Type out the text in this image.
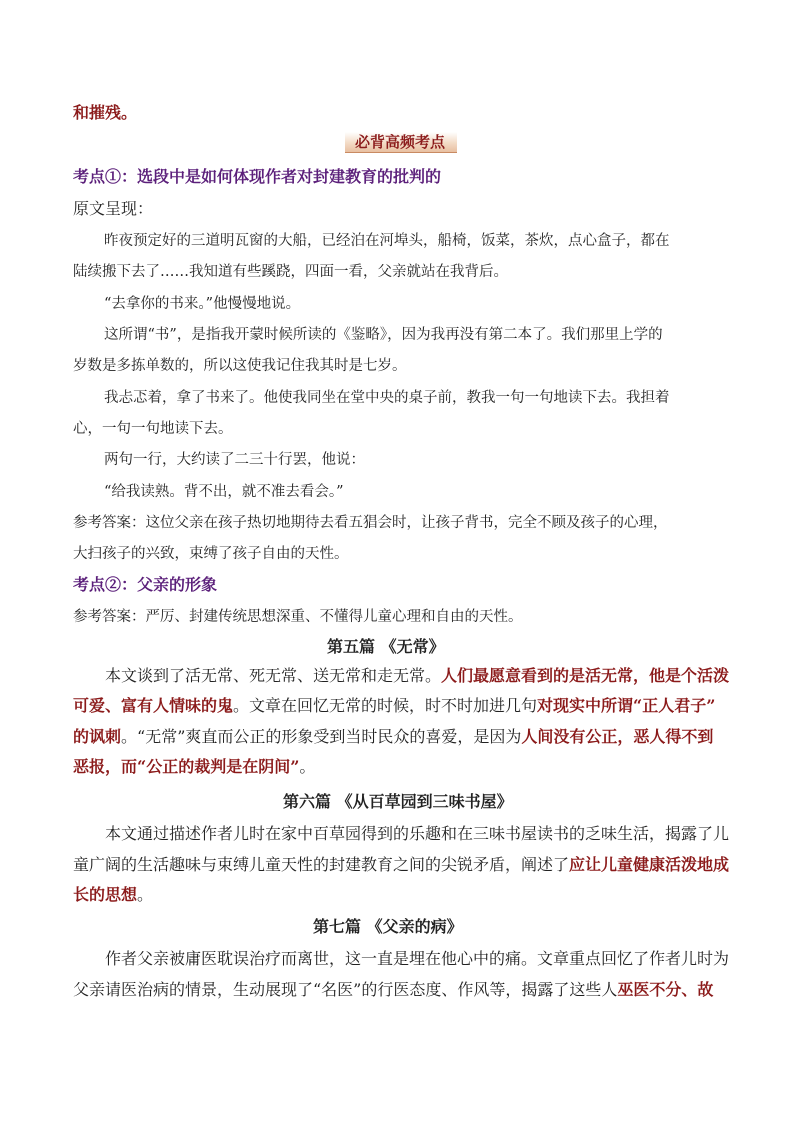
和摧残。
必背高频考点
考点①：选段中是如何体现作者对封建教育的批判的
原文呈现：
昨夜预定好的三道明瓦窗的大船，已经泊在河埠头，船椅，饭菜，茶炊，点心盒子，都在
陆续搬下去了……我知道有些蹊跷，四面一看，父亲就站在我背后。
“去拿你的书来。”他慢慢地说。
这所谓“书”，是指我开蒙时候所读的《鉴略》，因为我再没有第二本了。我们那里上学的
岁数是多拣单数的，所以这使我记住我其时是七岁。
我忐忑着，拿了书来了。他使我同坐在堂中央的桌子前，教我一句一句地读下去。我担着
心，一句一句地读下去。
两句一行，大约读了二三十行罢，他说：
“给我读熟。背不出，就不准去看会。”
参考答案：这位父亲在孩子热切地期待去看五猖会时，让孩子背书，完全不顾及孩子的心理，
大扫孩子的兴致，束缚了孩子自由的天性。
考点②：父亲的形象
参考答案：严厉、封建传统思想深重、不懂得儿童心理和自由的天性。
第五篇 《无常》
本文谈到了活无常、死无常、送无常和走无常。人们最愿意看到的是活无常，他是个活泼
可爱、富有人情味的鬼。文章在回忆无常的时候，时不时加进几句对现实中所谓“正人君子”
的讽刺。“无常”爽直而公正的形象受到当时民众的喜爱，是因为人间没有公正，恶人得不到
恶报，而“公正的裁判是在阴间”。
第六篇 《从百草园到三味书屋》
本文通过描述作者儿时在家中百草园得到的乐趣和在三味书屋读书的乏味生活，揭露了儿
童广阔的生活趣味与束缚儿童天性的封建教育之间的尖锐矛盾，阐述了应让儿童健康活泼地成
长的思想。
第七篇 《父亲的病》
作者父亲被庸医耽误治疗而离世，这一直是埋在他心中的痛。文章重点回忆了作者儿时为
父亲请医治病的情景，生动展现了“名医”的行医态度、作风等，揭露了这些人巫医不分、故
